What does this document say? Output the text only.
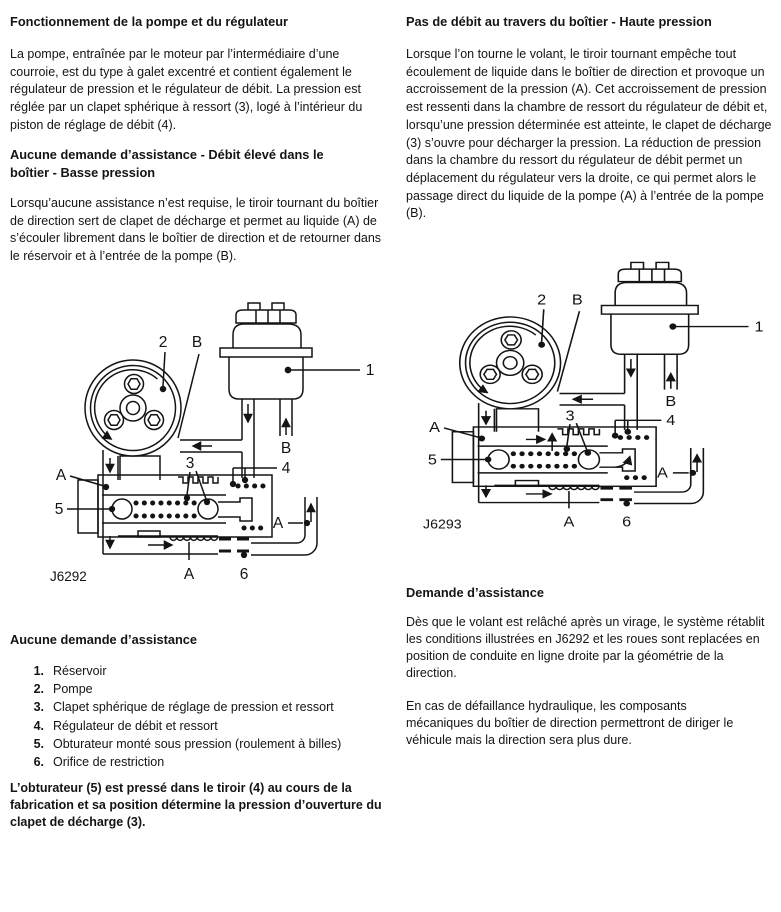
Fonctionnement de la pompe et du régulateur
La pompe, entraînée par le moteur par l’intermédiaire d’une courroie, est du type à galet excentré et contient également le régulateur de pression et le régulateur de débit. La pression est réglée par un clapet sphérique à ressort (3), logé à l’intérieur du piston de réglage de débit (4).
Aucune demande d’assistance - Débit élevé dans le boîtier - Basse pression
Lorsqu’aucune assistance n’est requise, le tiroir tournant du boîtier de direction sert de clapet de décharge et permet au liquide (A) de s’écouler librement dans le boîtier de direction et de retourner dans le réservoir et à l’entrée de la pompe (B).
1
2 B
B
A
5
3	4
A
A	6
J6292
Aucune demande d’assistance
1. Réservoir
2. Pompe
3. Clapet sphérique de réglage de pression et ressort
4. Régulateur de débit et ressort
5. Obturateur monté sous pression (roulement à billes)
6. Orifice de restriction
L’obturateur (5) est pressé dans le tiroir (4) au cours de la fabrication et sa position détermine la pression d’ouverture du clapet de décharge (3).
Pas de débit au travers du boîtier - Haute pression
Lorsque l’on tourne le volant, le tiroir tournant empêche tout écoulement de liquide dans le boîtier de direction et provoque un accroissement de la pression (A). Cet accroissement de pression est ressenti dans la chambre de ressort du régulateur de débit et, lorsqu’une pression déterminée est atteinte, le clapet de décharge (3) s’ouvre pour décharger la pression. La réduction de pression dans la chambre du ressort du régulateur de débit permet un déplacement du régulateur vers la droite, ce qui permet alors le passage direct du liquide de la pompe (A) à l’entrée de la pompe (B).
1
2 B
B
A
5
3	4
A
A	6
J6293
Demande d’assistance
Dès que le volant est relâché après un virage, le système rétablit les conditions illustrées en J6292 et les roues sont replacées en position de conduite en ligne droite par la géométrie de la direction.
En cas de défaillance hydraulique, les composants mécaniques du boîtier de direction permettront de diriger le véhicule mais la direction sera plus dure.
